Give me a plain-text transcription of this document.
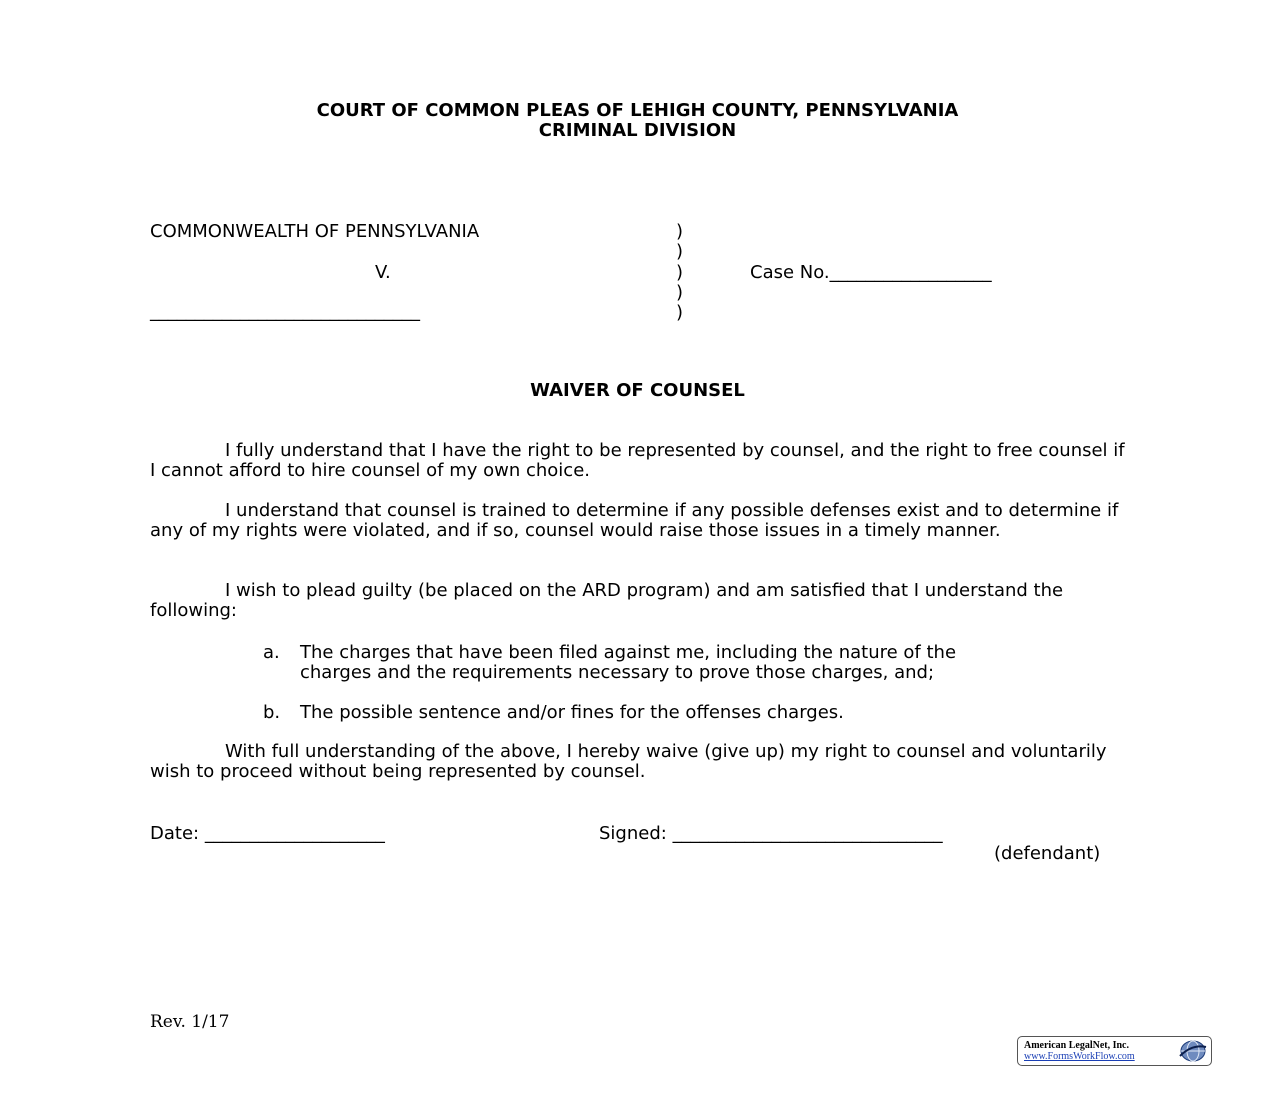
COURT OF COMMON PLEAS OF LEHIGH COUNTY, PENNSYLVANIA
CRIMINAL DIVISION
COMMONWEALTH OF PENNSYLVANIA
V.
______________________________
)
)
)
)
)
Case No.__________________
WAIVER OF COUNSEL
I fully understand that I have the right to be represented by counsel, and the right to free counsel if I cannot afford to hire counsel of my own choice.
I understand that counsel is trained to determine if any possible defenses exist and to determine if any of my rights were violated, and if so, counsel would raise those issues in a timely manner.
I wish to plead guilty (be placed on the ARD program) and am satisfied that I understand the following:
a. The charges that have been filed against me, including the nature of the
charges and the requirements necessary to prove those charges, and;
b. The possible sentence and/or fines for the offenses charges.
With full understanding of the above, I hereby waive (give up) my right to counsel and voluntarily wish to proceed without being represented by counsel.
Date: ____________________	Signed: ______________________________
(defendant)
Rev. 1/17
American LegalNet, Inc.
www.FormsWorkFlow.com
